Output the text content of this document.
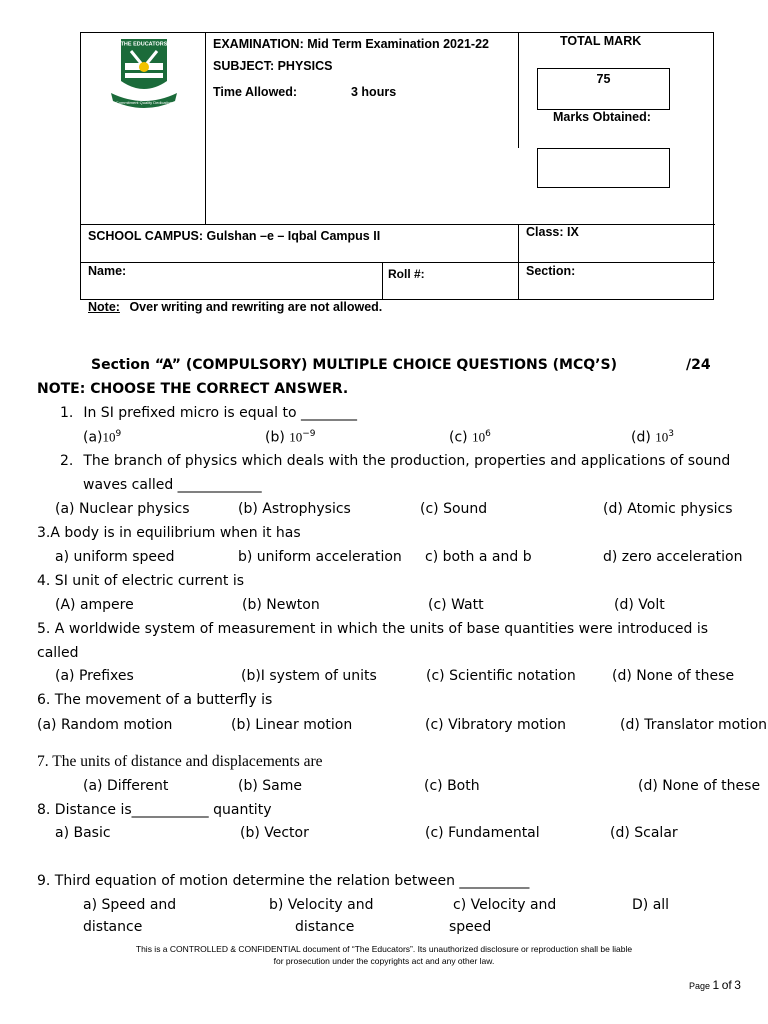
THE EDUCATORS
Commitment Quality Dedication
EXAMINATION: Mid Term Examination 2021-22
SUBJECT: PHYSICS
Time Allowed:	3 hours
TOTAL MARK
75
Marks Obtained:
SCHOOL CAMPUS: Gulshan –e – Iqbal Campus II	Class: IX
Name:	Roll #:	Section:
Note: Over writing and rewriting are not allowed.
Section “A” (COMPULSORY) MULTIPLE CHOICE QUESTIONS (MCQ’S)	/24
NOTE: CHOOSE THE CORRECT ANSWER.
1. In SI prefixed micro is equal to ________
$(a)10^9$	(b) $10^{-9}$	(c) $10^6$	(d) $10^3$
2. The branch of physics which deals with the production, properties and applications of sound
waves called ____________
(a) Nuclear physics	(b) Astrophysics	(c) Sound	(d) Atomic physics
3.A body is in equilibrium when it has
a) uniform speed	b) uniform acceleration c) both a and b	d) zero acceleration
4. SI unit of electric current is
(A) ampere	(b) Newton	(c) Watt	(d) Volt
5. A worldwide system of measurement in which the units of base quantities were introduced is
called
(a) Prefixes	(b)I system of units	(c) Scientific notation	(d) None of these
6. The movement of a butterfly is
(a) Random motion	(b) Linear motion	(c) Vibratory motion	(d) Translator motion
7. The units of distance and displacements are
(a) Different	(b) Same	(c) Both	(d) None of these
8. Distance is___________ quantity
a) Basic	(b) Vector	(c) Fundamental	(d) Scalar
9. Third equation of motion determine the relation between __________
a) Speed and
distance
b) Velocity and
distance
c) Velocity and
speed
D) all
This is a CONTROLLED & CONFIDENTIAL document of “The Educators”. Its unauthorized disclosure or reproduction shall be liable
for prosecution under the copyrights act and any other law.
Page 1 of 3
